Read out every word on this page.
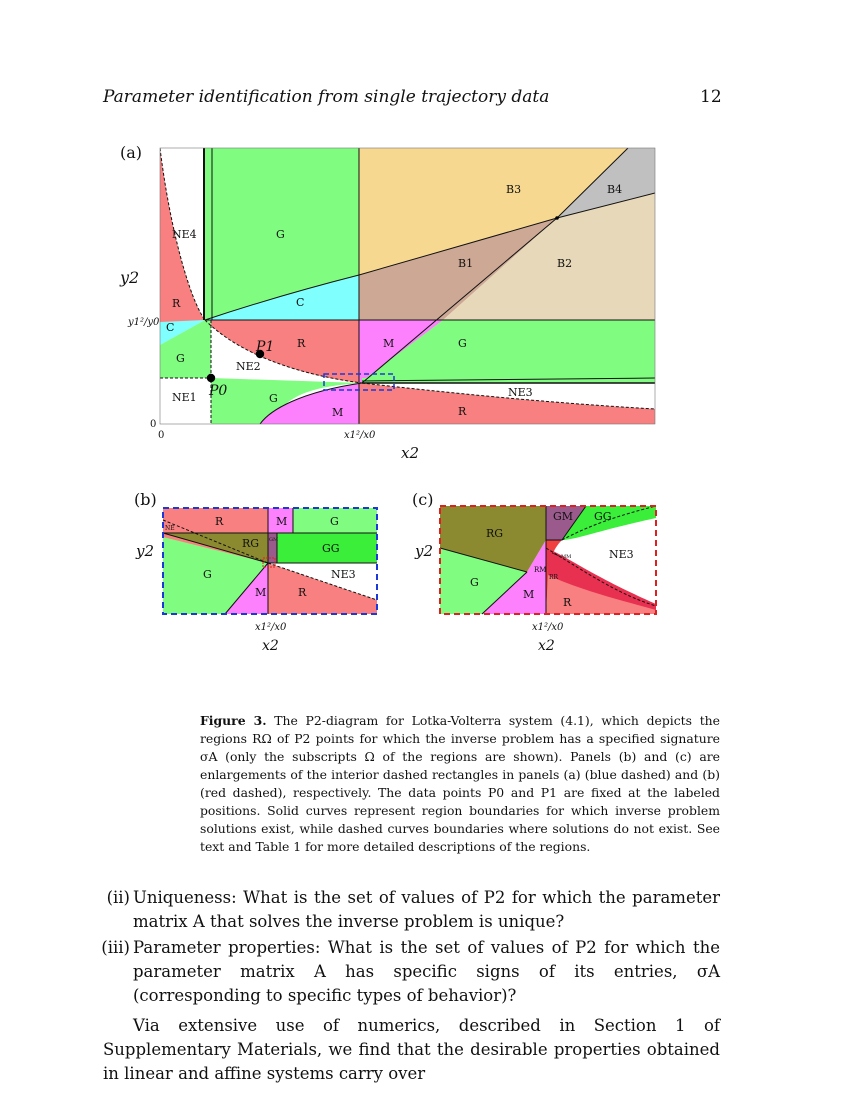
Parameter identification from single trajectory data	12
(a)
y2
y1²/y0
0
0	x1²/x0
x2
NE4	G
B3	B4
B1	B2
R	C
C
G
P1 R	M	G
NE2
P0	NE3
NE1	G
M	R
(b)
y2
x1²/x0
x2
R	M	G
NE
RG GM
GG
G	NE3
M	R
(c)
y2
x1²/x0
x2
RG
GM GG
MM	NE3
G
RM
RR
M
R
Figure 3. The P2-diagram for Lotka-Volterra system (4.1), which depicts the regions RΩ of P2 points for which the inverse problem has a specified signature σA (only the subscripts Ω of the regions are shown). Panels (b) and (c) are enlargements of the interior dashed rectangles in panels (a) (blue dashed) and (b) (red dashed), respectively. The data points P0 and P1 are fixed at the labeled positions. Solid curves represent region boundaries for which inverse problem solutions exist, while dashed curves boundaries where solutions do not exist. See text and Table 1 for more detailed descriptions of the regions.
(ii) Uniqueness: What is the set of values of P2 for which the parameter matrix A that solves the inverse problem is unique?
(iii) Parameter properties: What is the set of values of P2 for which the parameter matrix A has specific signs of its entries, σA (corresponding to specific types of behavior)?
Via extensive use of numerics, described in Section 1 of Supplementary Materials, we find that the desirable properties obtained in linear and affine systems carry over
